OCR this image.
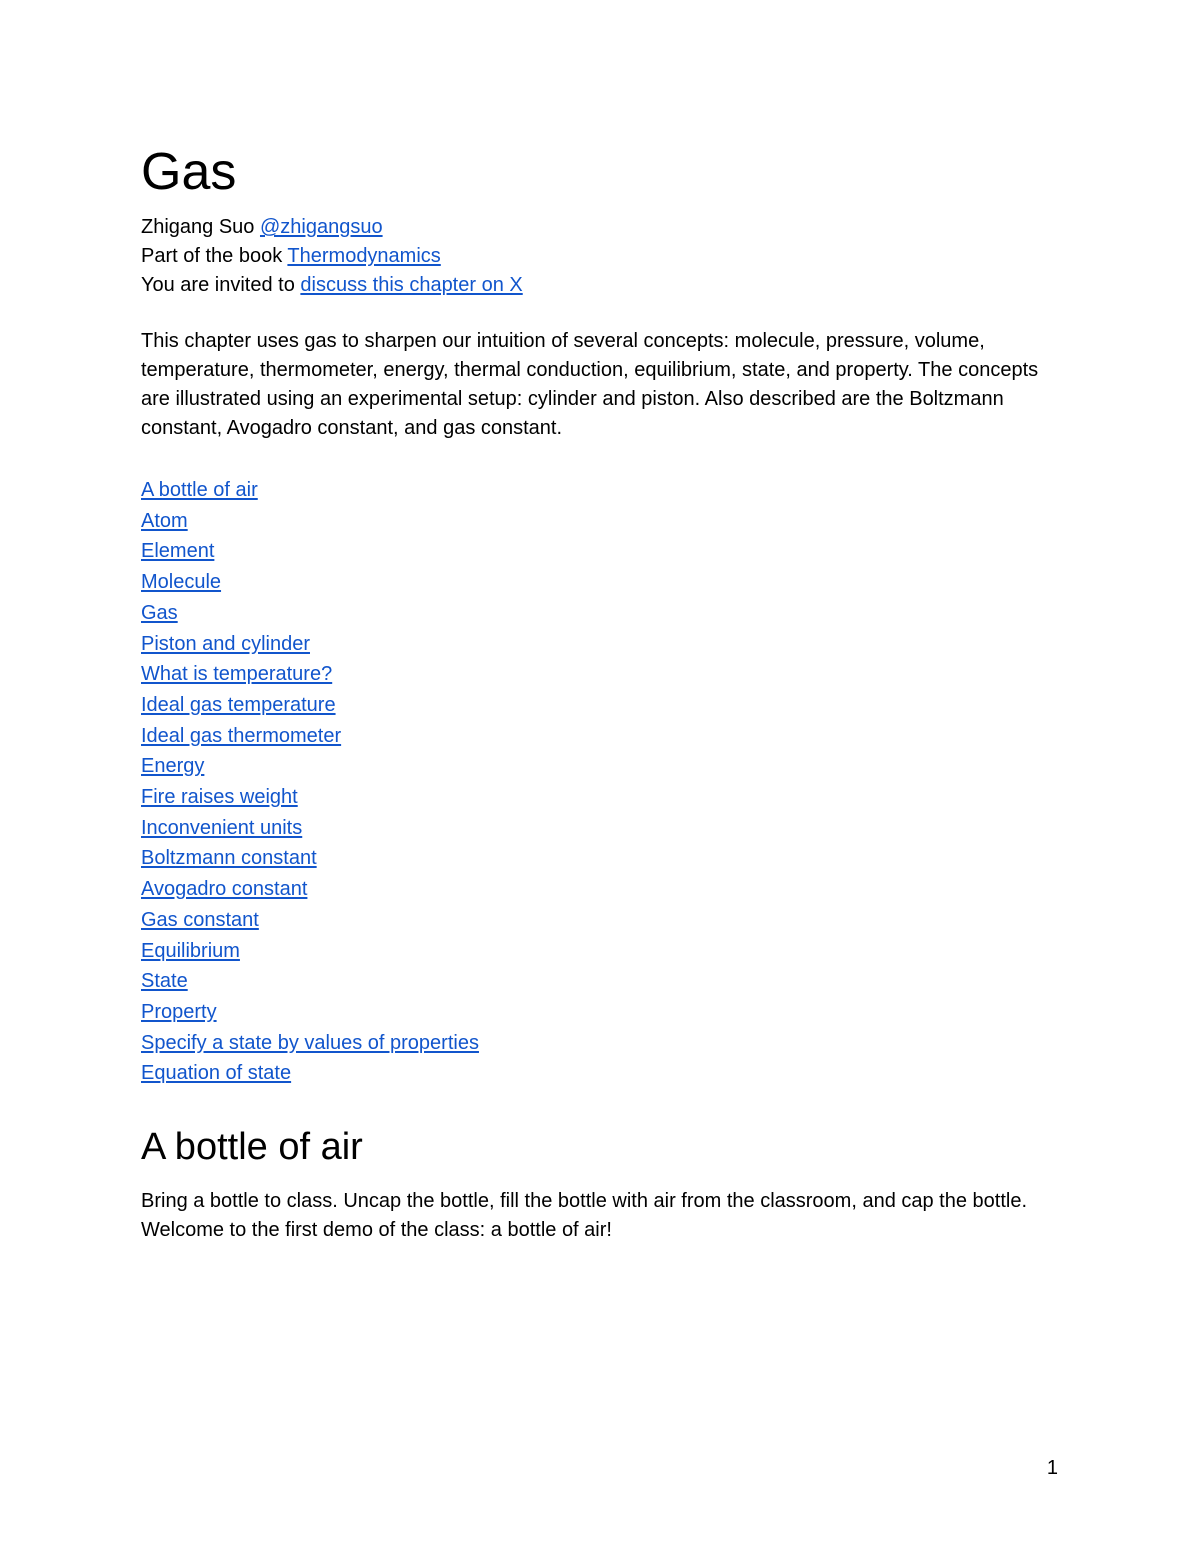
Gas
Zhigang Suo @zhigangsuo
Part of the book Thermodynamics
You are invited to discuss this chapter on X

This chapter uses gas to sharpen our intuition of several concepts: molecule, pressure, volume, temperature, thermometer, energy, thermal conduction, equilibrium, state, and property. The concepts are illustrated using an experimental setup: cylinder and piston. Also described are the Boltzmann constant, Avogadro constant, and gas constant.

A bottle of air
Atom
Element
Molecule
Gas
Piston and cylinder
What is temperature?
Ideal gas temperature
Ideal gas thermometer
Energy
Fire raises weight
Inconvenient units
Boltzmann constant
Avogadro constant
Gas constant
Equilibrium
State
Property
Specify a state by values of properties
Equation of state
A bottle of air

Bring a bottle to class. Uncap the bottle, fill the bottle with air from the classroom, and cap the bottle. Welcome to the first demo of the class: a bottle of air!

1
